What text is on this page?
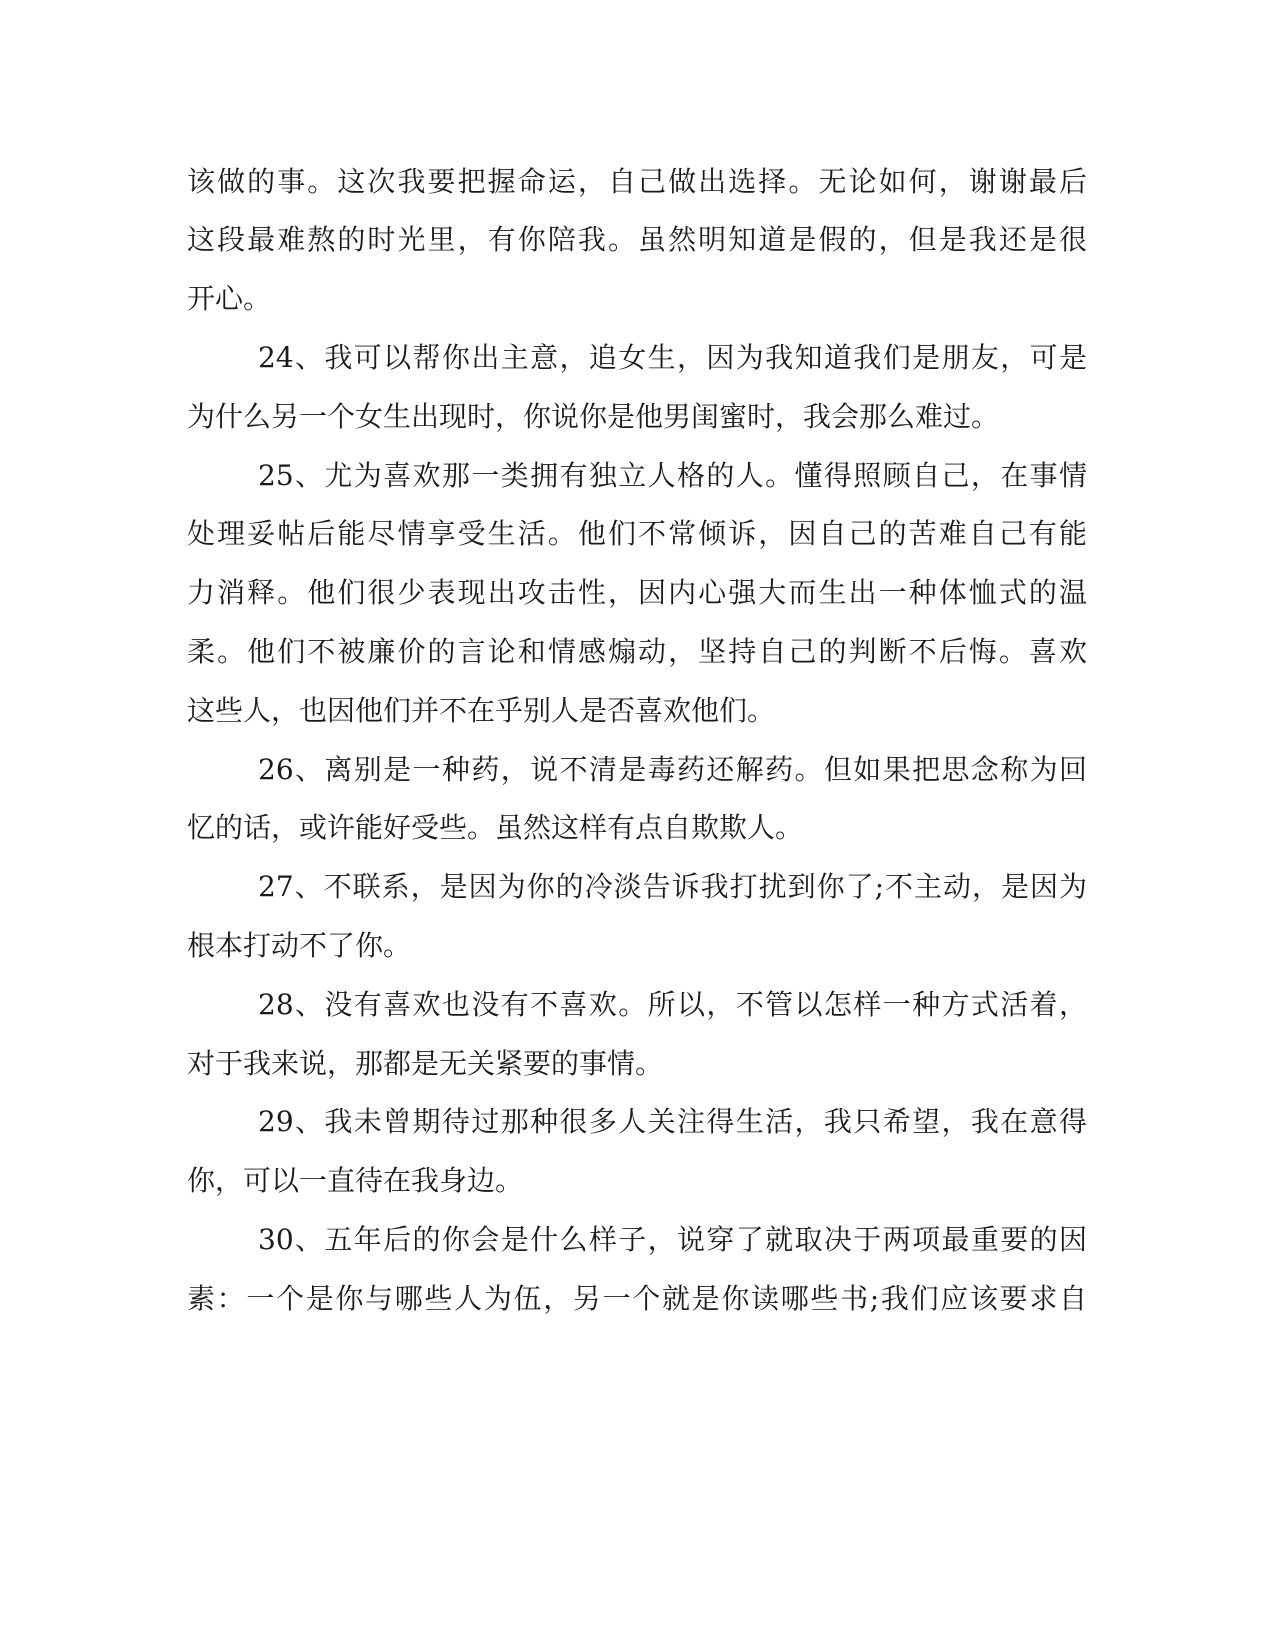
该做的事。这次我要把握命运，自己做出选择。无论如何，谢谢最后
这段最难熬的时光里，有你陪我。虽然明知道是假的，但是我还是很
开心。
24、我可以帮你出主意，追女生，因为我知道我们是朋友，可是
为什么另一个女生出现时，你说你是他男闺蜜时，我会那么难过。
25、尤为喜欢那一类拥有独立人格的人。懂得照顾自己，在事情
处理妥帖后能尽情享受生活。他们不常倾诉，因自己的苦难自己有能
力消释。他们很少表现出攻击性，因内心强大而生出一种体恤式的温
柔。他们不被廉价的言论和情感煽动，坚持自己的判断不后悔。喜欢
这些人，也因他们并不在乎别人是否喜欢他们。
26、离别是一种药，说不清是毒药还解药。但如果把思念称为回
忆的话，或许能好受些。虽然这样有点自欺欺人。
27、不联系，是因为你的冷淡告诉我打扰到你了;不主动，是因为
根本打动不了你。
28、没有喜欢也没有不喜欢。所以，不管以怎样一种方式活着，
对于我来说，那都是无关紧要的事情。
29、我未曾期待过那种很多人关注得生活，我只希望，我在意得
你，可以一直待在我身边。
30、五年后的你会是什么样子，说穿了就取决于两项最重要的因
素：一个是你与哪些人为伍，另一个就是你读哪些书;我们应该要求自
